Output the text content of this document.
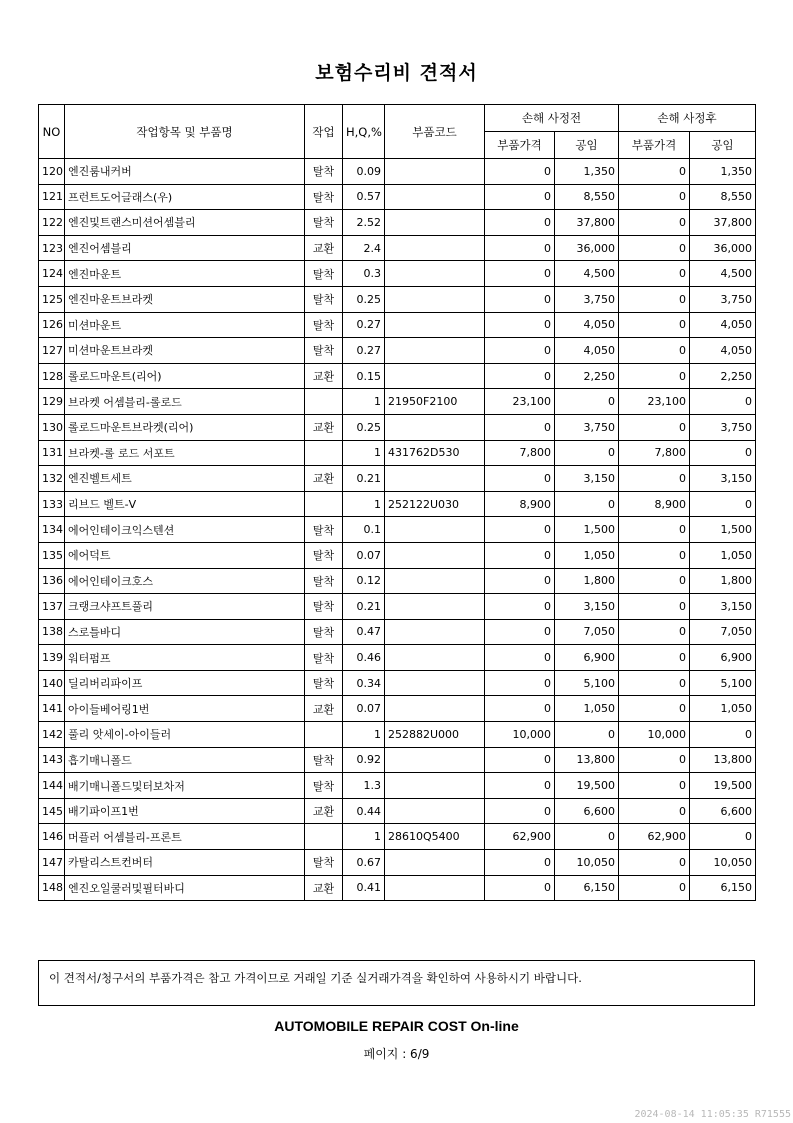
보험수리비 견적서
NO	작업항목 및 부품명	작업	H,Q,%	부품코드	손해 사정전		손해 사정후	
					부품가격	공임	부품가격	공임
120	엔진룸내커버	탈착	0.09		0	1,350	0	1,350
121	프런트도어글래스(우)	탈착	0.57		0	8,550	0	8,550
122	엔진및트랜스미션어셈블리	탈착	2.52		0	37,800	0	37,800
123	엔진어셈블리	교환	2.4		0	36,000	0	36,000
124	엔진마운트	탈착	0.3		0	4,500	0	4,500
125	엔진마운트브라켓	탈착	0.25		0	3,750	0	3,750
126	미션마운트	탈착	0.27		0	4,050	0	4,050
127	미션마운트브라켓	탈착	0.27		0	4,050	0	4,050
128	롤로드마운트(리어)	교환	0.15		0	2,250	0	2,250
129	브라켓 어셈블리-롤로드		1	21950F2100	23,100	0	23,100	0
130	롤로드마운트브라켓(리어)	교환	0.25		0	3,750	0	3,750
131	브라켓-롤 로드 서포트		1	431762D530	7,800	0	7,800	0
132	엔진벨트세트	교환	0.21		0	3,150	0	3,150
133	리브드 벨트-V		1	252122U030	8,900	0	8,900	0
134	에어인테이크익스텐션	탈착	0.1		0	1,500	0	1,500
135	에어덕트	탈착	0.07		0	1,050	0	1,050
136	에어인테이크호스	탈착	0.12		0	1,800	0	1,800
137	크랭크샤프트풀리	탈착	0.21		0	3,150	0	3,150
138	스로틀바디	탈착	0.47		0	7,050	0	7,050
139	워터펌프	탈착	0.46		0	6,900	0	6,900
140	딜리버리파이프	탈착	0.34		0	5,100	0	5,100
141	아이들베어링1번	교환	0.07		0	1,050	0	1,050
142	풀리 앗세이-아이들러		1	252882U000	10,000	0	10,000	0
143	흡기매니폴드	탈착	0.92		0	13,800	0	13,800
144	배기매니폴드및터보차저	탈착	1.3		0	19,500	0	19,500
145	배기파이프1번	교환	0.44		0	6,600	0	6,600
146	머플러 어셈블리-프론트		1	28610Q5400	62,900	0	62,900	0
147	카탈리스트컨버터	탈착	0.67		0	10,050	0	10,050
148	엔진오일쿨러및필터바디	교환	0.41		0	6,150	0	6,150
이 견적서/청구서의 부품가격은 참고 가격이므로 거래일 기준 실거래가격을 확인하여 사용하시기 바랍니다.
AUTOMOBILE REPAIR COST On-line
페이지 : 6/9
2024-08-14 11:05:35 R71555
